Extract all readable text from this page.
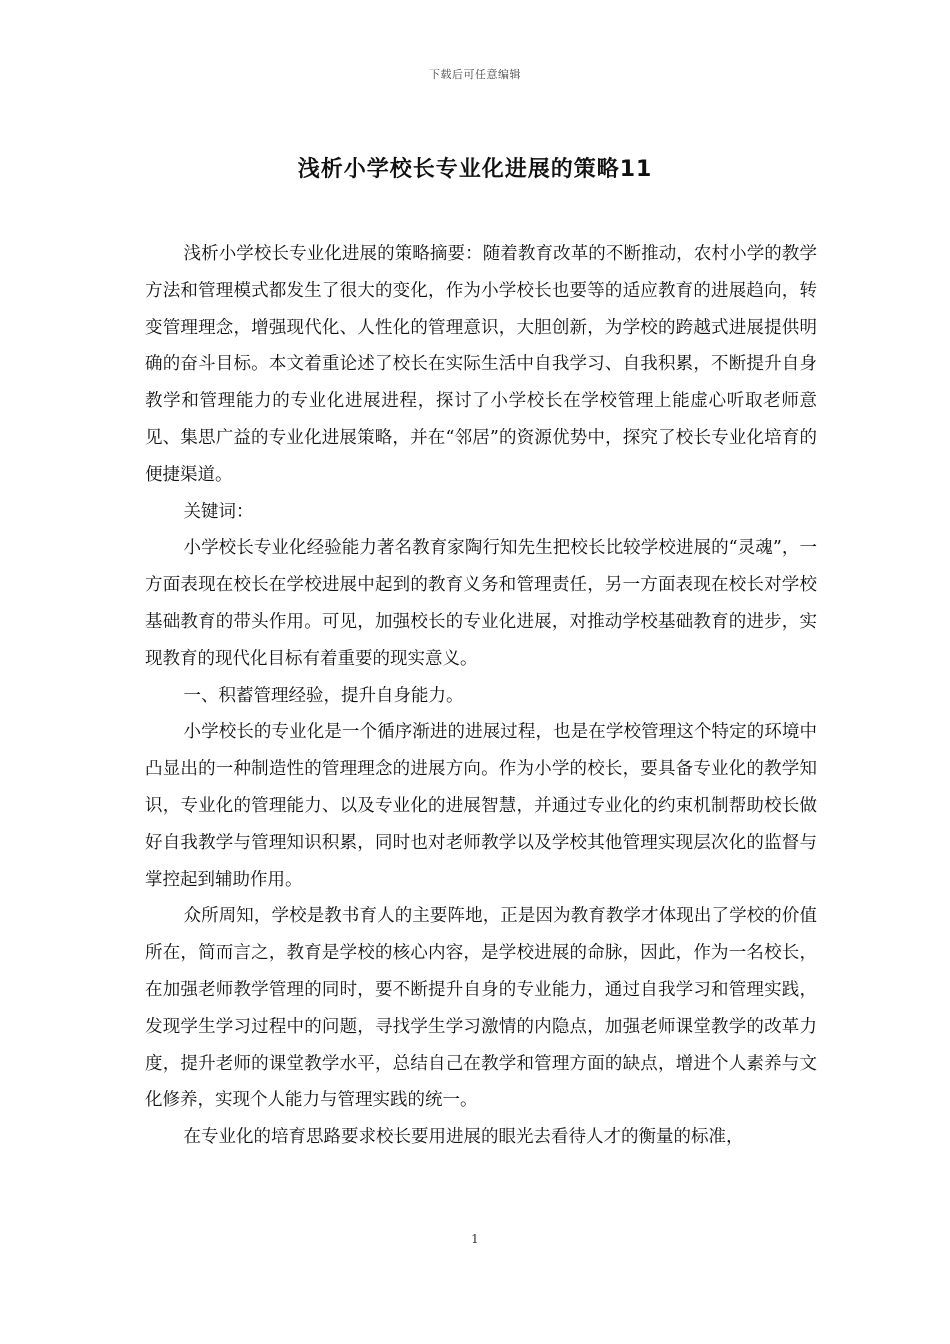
下载后可任意编辑
浅析小学校长专业化进展的策略11

浅析小学校长专业化进展的策略摘要：随着教育改革的不断推动，农村小学的教学方法和管理模式都发生了很大的变化，作为小学校长也要等的适应教育的进展趋向，转变管理理念，增强现代化、人性化的管理意识，大胆创新，为学校的跨越式进展提供明确的奋斗目标。本文着重论述了校长在实际生活中自我学习、自我积累，不断提升自身教学和管理能力的专业化进展进程，探讨了小学校长在学校管理上能虚心听取老师意见、集思广益的专业化进展策略，并在“邻居”的资源优势中，探究了校长专业化培育的便捷渠道。

关键词：

小学校长专业化经验能力著名教育家陶行知先生把校长比较学校进展的“灵魂”，一方面表现在校长在学校进展中起到的教育义务和管理责任，另一方面表现在校长对学校基础教育的带头作用。可见，加强校长的专业化进展，对推动学校基础教育的进步，实现教育的现代化目标有着重要的现实意义。

一、积蓄管理经验，提升自身能力。

小学校长的专业化是一个循序渐进的进展过程，也是在学校管理这个特定的环境中凸显出的一种制造性的管理理念的进展方向。作为小学的校长，要具备专业化的教学知识，专业化的管理能力、以及专业化的进展智慧，并通过专业化的约束机制帮助校长做好自我教学与管理知识积累，同时也对老师教学以及学校其他管理实现层次化的监督与掌控起到辅助作用。

众所周知，学校是教书育人的主要阵地，正是因为教育教学才体现出了学校的价值所在，简而言之，教育是学校的核心内容，是学校进展的命脉，因此，作为一名校长，在加强老师教学管理的同时，要不断提升自身的专业能力，通过自我学习和管理实践，发现学生学习过程中的问题，寻找学生学习激情的内隐点，加强老师课堂教学的改革力度，提升老师的课堂教学水平，总结自己在教学和管理方面的缺点，增进个人素养与文化修养，实现个人能力与管理实践的统一。

在专业化的培育思路要求校长要用进展的眼光去看待人才的衡量的标准，

1
